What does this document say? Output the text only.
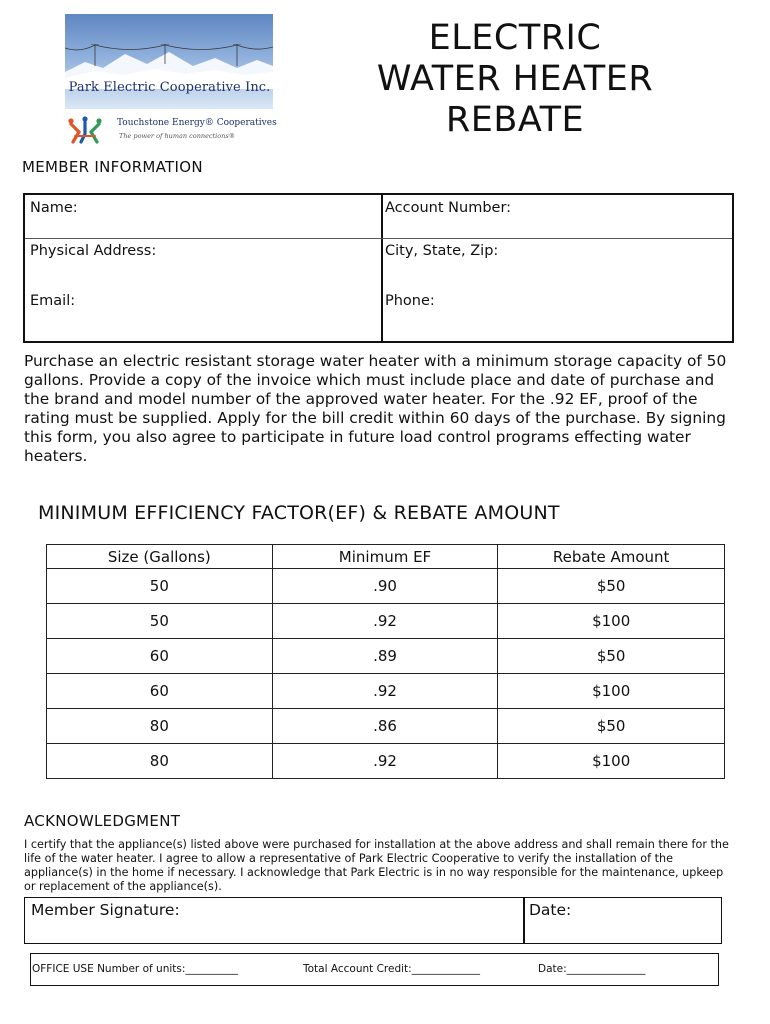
Park Electric Cooperative Inc.
Touchstone Energy® Cooperatives
The power of human connections®
ELECTRIC
WATER HEATER
REBATE
MEMBER INFORMATION
Name:	Account Number:
Physical Address:	City, State, Zip:
Email:	Phone:
Purchase an electric resistant storage water heater with a minimum storage capacity of 50 gallons. Provide a copy of the invoice which must include place and date of purchase and the brand and model number of the approved water heater. For the .92 EF, proof of the rating must be supplied. Apply for the bill credit within 60 days of the purchase. By signing this form, you also agree to participate in future load control programs effecting water heaters.
MINIMUM EFFICIENCY FACTOR(EF) & REBATE AMOUNT
Size (Gallons)	Minimum EF	Rebate Amount
50	.90	$50
50	.92	$100
60	.89	$50
60	.92	$100
80	.86	$50
80	.92	$100
ACKNOWLEDGMENT
I certify that the appliance(s) listed above were purchased for installation at the above address and shall remain there for the life of the water heater. I agree to allow a representative of Park Electric Cooperative to verify the installation of the appliance(s) in the home if necessary. I acknowledge that Park Electric is in no way responsible for the maintenance, upkeep or replacement of the appliance(s).
Member Signature:	Date:
OFFICE USE Number of units:__________	Total Account Credit:_____________	Date:_______________
